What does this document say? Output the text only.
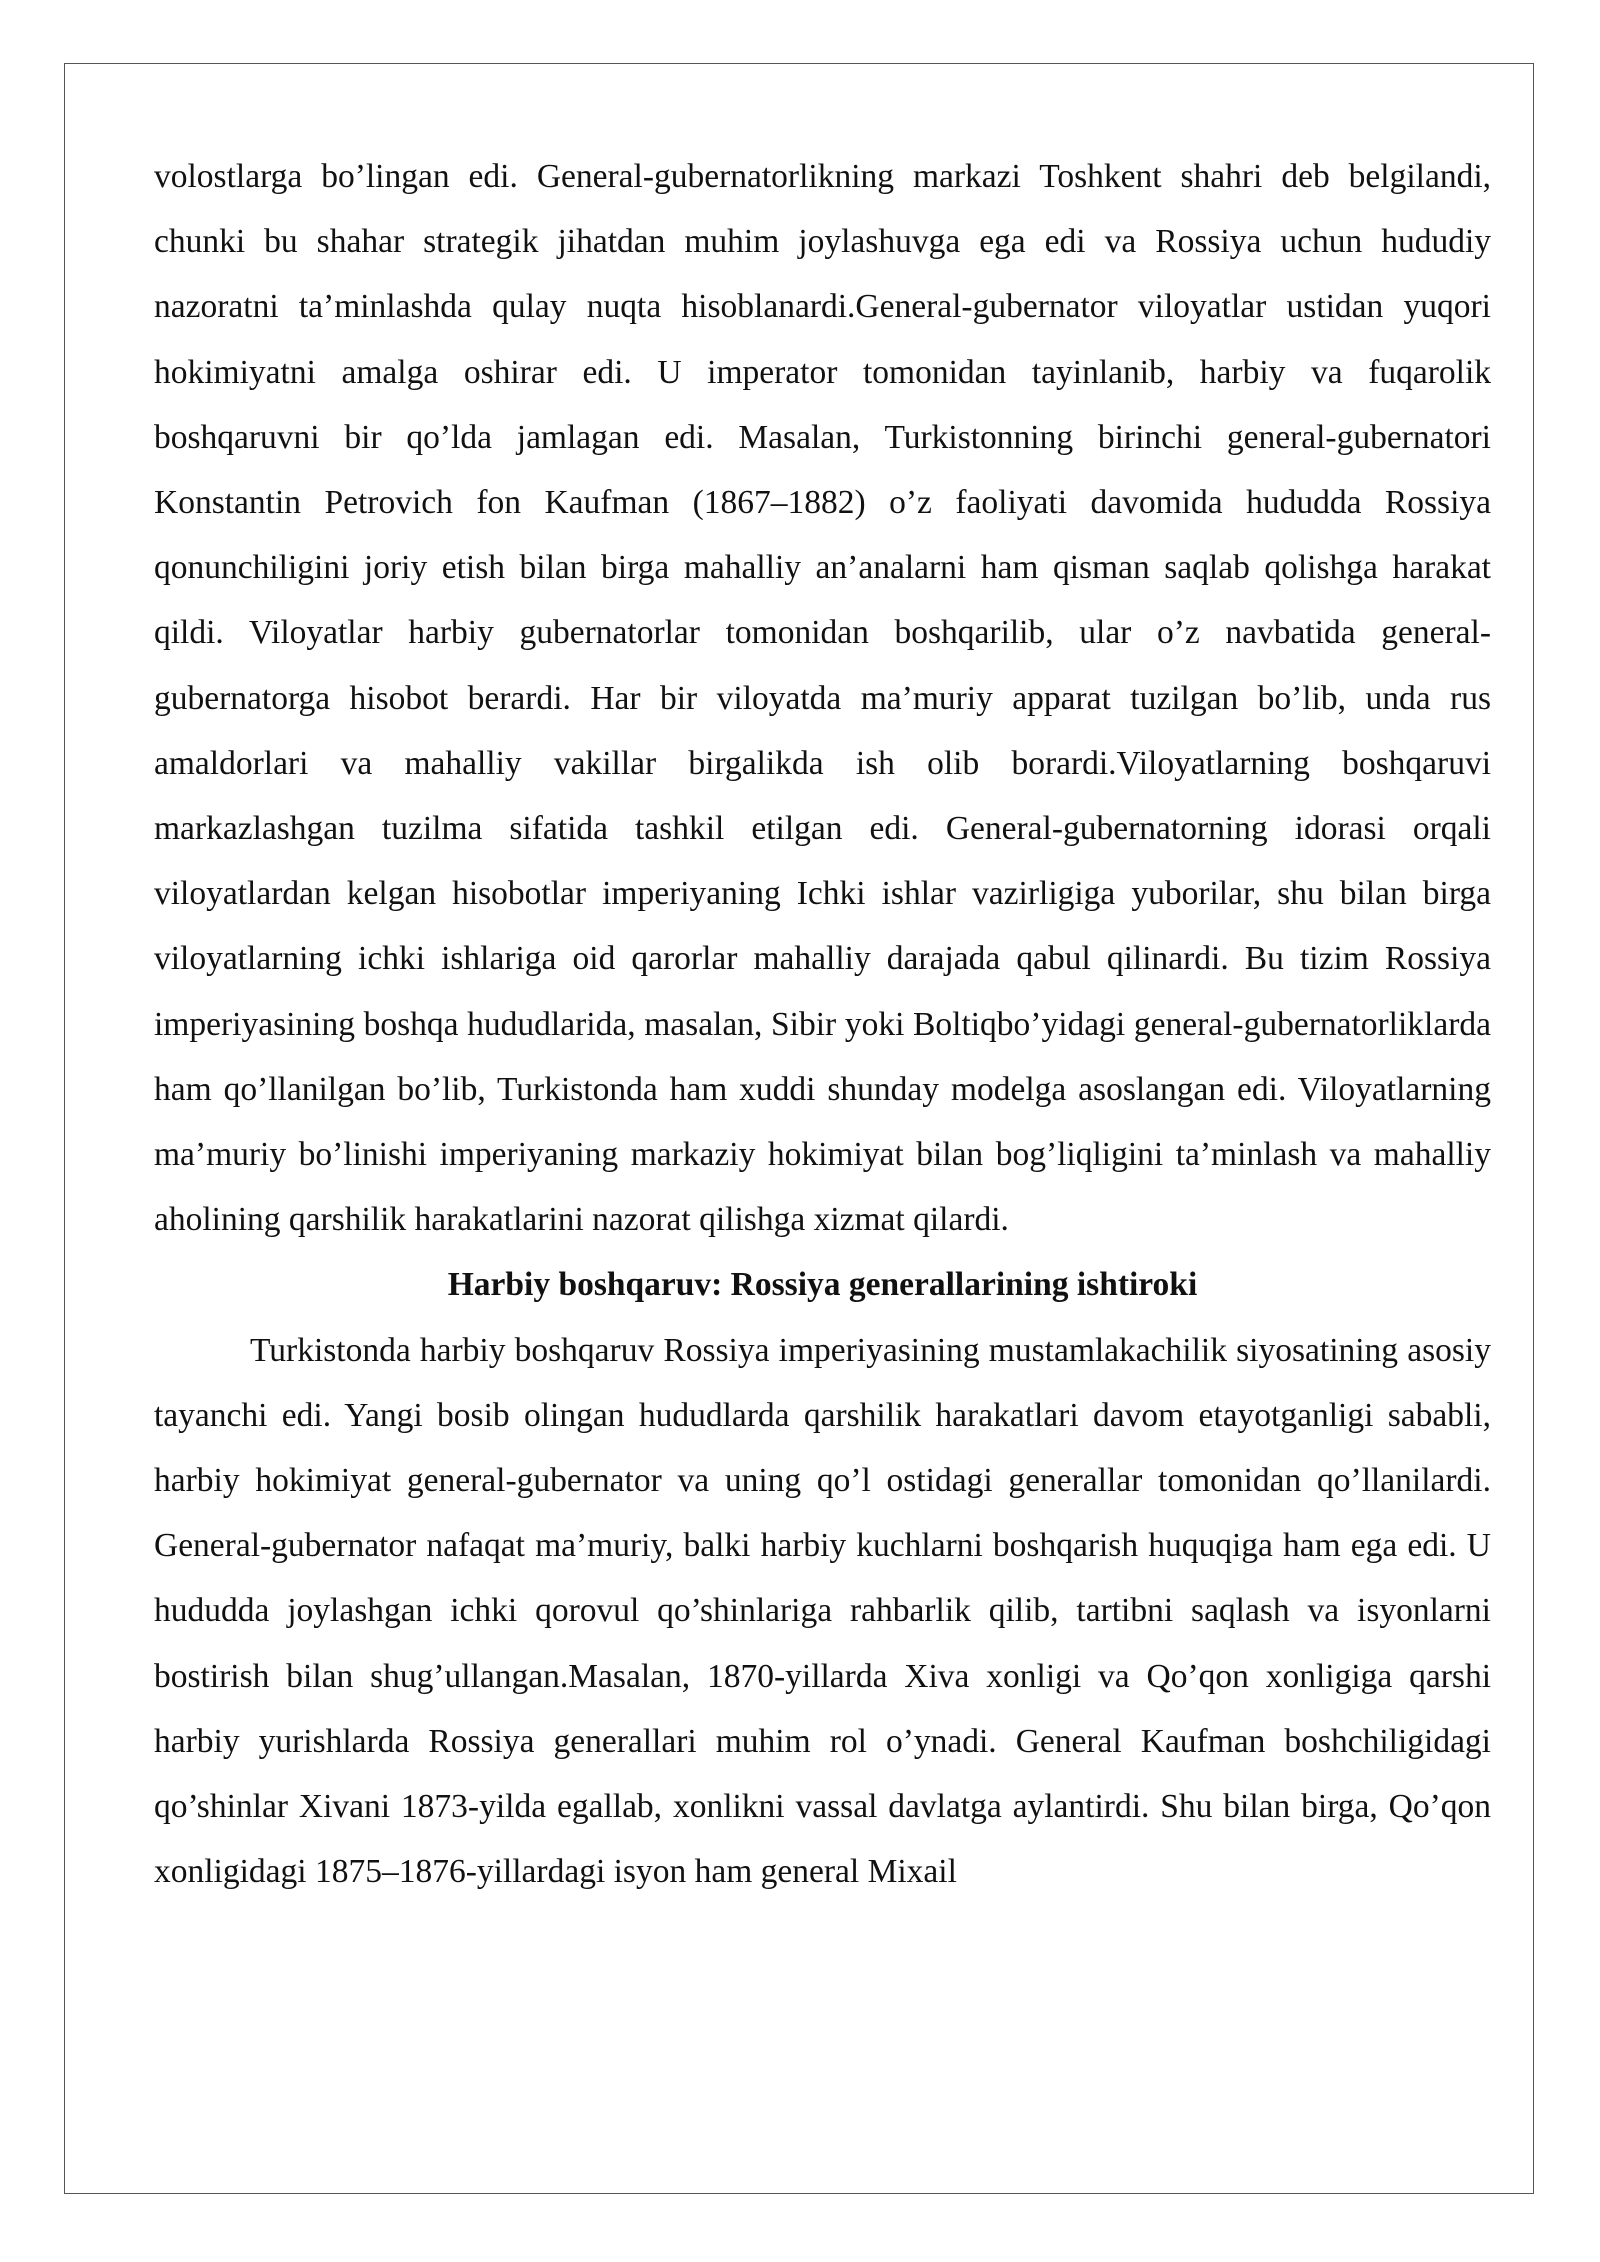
volostlarga bo’lingan edi. General-gubernatorlikning markazi Toshkent shahri deb belgilandi, chunki bu shahar strategik jihatdan muhim joylashuvga ega edi va Rossiya uchun hududiy nazoratni ta’minlashda qulay nuqta hisoblanardi.General-gubernator viloyatlar ustidan yuqori hokimiyatni amalga oshirar edi. U imperator tomonidan tayinlanib, harbiy va fuqarolik boshqaruvni bir qo’lda jamlagan edi. Masalan, Turkistonning birinchi general-gubernatori Konstantin Petrovich fon Kaufman (1867–1882) o’z faoliyati davomida hududda Rossiya qonunchiligini joriy etish bilan birga mahalliy an’analarni ham qisman saqlab qolishga harakat qildi. Viloyatlar harbiy gubernatorlar tomonidan boshqarilib, ular o’z navbatida general-gubernatorga hisobot berardi. Har bir viloyatda ma’muriy apparat tuzilgan bo’lib, unda rus amaldorlari va mahalliy vakillar birgalikda ish olib borardi.Viloyatlarning boshqaruvi markazlashgan tuzilma sifatida tashkil etilgan edi. General-gubernatorning idorasi orqali viloyatlardan kelgan hisobotlar imperiyaning Ichki ishlar vazirligiga yuborilar, shu bilan birga viloyatlarning ichki ishlariga oid qarorlar mahalliy darajada qabul qilinardi. Bu tizim Rossiya imperiyasining boshqa hududlarida, masalan, Sibir yoki Boltiqbo’yidagi general-gubernatorliklarda ham qo’llanilgan bo’lib, Turkistonda ham xuddi shunday modelga asoslangan edi. Viloyatlarning ma’muriy bo’linishi imperiyaning markaziy hokimiyat bilan bog’liqligini ta’minlash va mahalliy aholining qarshilik harakatlarini nazorat qilishga xizmat qilardi.

Harbiy boshqaruv: Rossiya generallarining ishtiroki

Turkistonda harbiy boshqaruv Rossiya imperiyasining mustamlakachilik siyosatining asosiy tayanchi edi. Yangi bosib olingan hududlarda qarshilik harakatlari davom etayotganligi sababli, harbiy hokimiyat general-gubernator va uning qo’l ostidagi generallar tomonidan qo’llanilardi. General-gubernator nafaqat ma’muriy, balki harbiy kuchlarni boshqarish huquqiga ham ega edi. U hududda joylashgan ichki qorovul qo’shinlariga rahbarlik qilib, tartibni saqlash va isyonlarni bostirish bilan shug’ullangan.Masalan, 1870-yillarda Xiva xonligi va Qo’qon xonligiga qarshi harbiy yurishlarda Rossiya generallari muhim rol o’ynadi. General Kaufman boshchiligidagi qo’shinlar Xivani 1873-yilda egallab, xonlikni vassal davlatga aylantirdi. Shu bilan birga, Qo’qon xonligidagi 1875–1876-yillardagi isyon ham general Mixail
